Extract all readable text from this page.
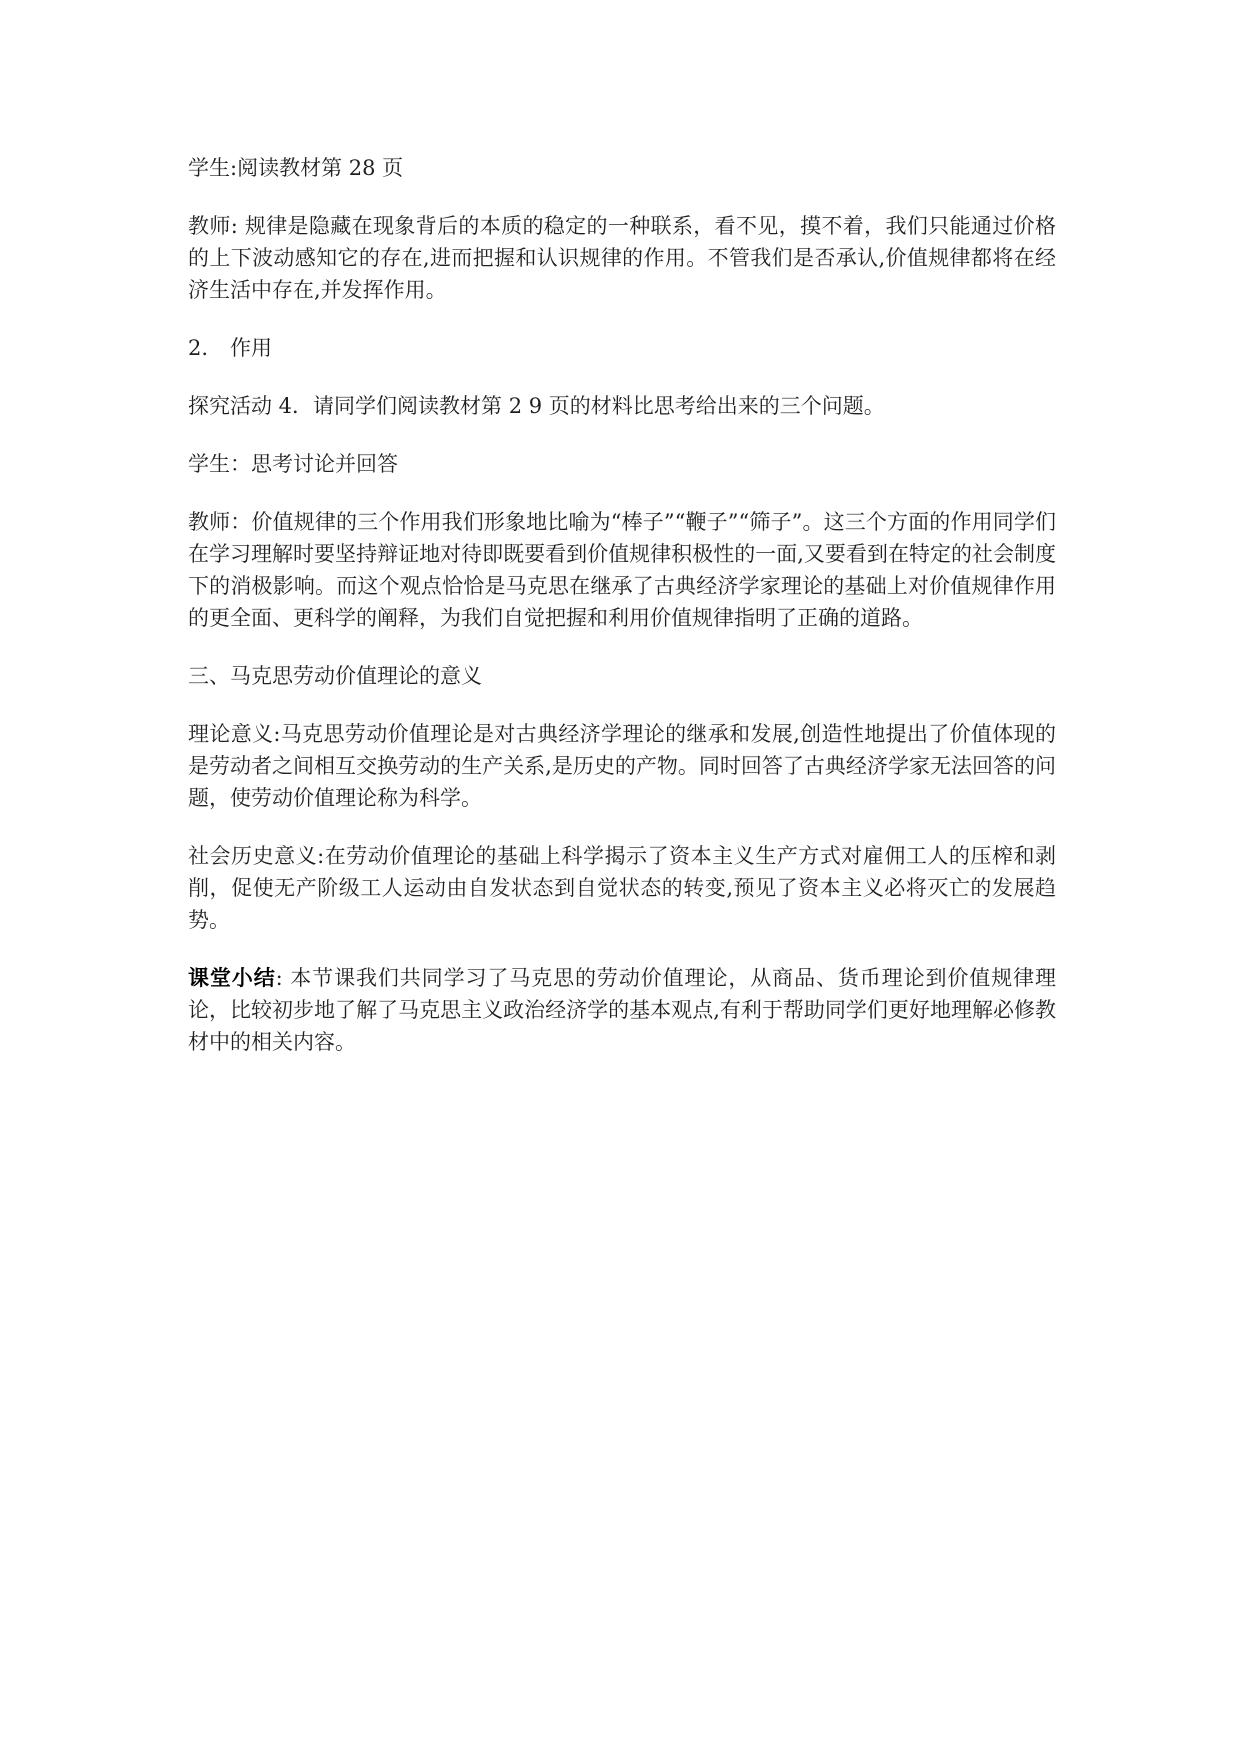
学生:阅读教材第 28 页

教师: 规律是隐藏在现象背后的本质的稳定的一种联系，看不见，摸不着，我们只能通过价格的上下波动感知它的存在,进而把握和认识规律的作用。不管我们是否承认,价值规律都将在经济生活中存在,并发挥作用。

2. 作用

探究活动 4．请同学们阅读教材第 2 9 页的材料比思考给出来的三个问题。

学生：思考讨论并回答

教师：价值规律的三个作用我们形象地比喻为“棒子”“鞭子”“筛子”。这三个方面的作用同学们在学习理解时要坚持辩证地对待即既要看到价值规律积极性的一面,又要看到在特定的社会制度下的消极影响。而这个观点恰恰是马克思在继承了古典经济学家理论的基础上对价值规律作用的更全面、更科学的阐释，为我们自觉把握和利用价值规律指明了正确的道路。

三、马克思劳动价值理论的意义

理论意义:马克思劳动价值理论是对古典经济学理论的继承和发展,创造性地提出了价值体现的是劳动者之间相互交换劳动的生产关系,是历史的产物。同时回答了古典经济学家无法回答的问题，使劳动价值理论称为科学。

社会历史意义:在劳动价值理论的基础上科学揭示了资本主义生产方式对雇佣工人的压榨和剥削，促使无产阶级工人运动由自发状态到自觉状态的转变,预见了资本主义必将灭亡的发展趋势。

课堂小结: 本节课我们共同学习了马克思的劳动价值理论，从商品、货币理论到价值规律理论，比较初步地了解了马克思主义政治经济学的基本观点,有利于帮助同学们更好地理解必修教材中的相关内容。
